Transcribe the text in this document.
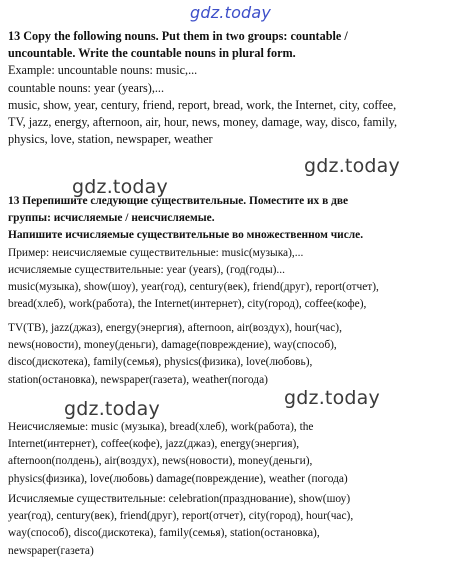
gdz.today
gdz.today
gdz.today
gdz.today	gdz.today
13 Copy the following nouns. Put them in two groups: countable /
uncountable. Write the countable nouns in plural form.
Example: uncountable nouns: music,...
countable nouns: year (years),...
music, show, year, century, friend, report, bread, work, the Internet, city, coffee,
TV, jazz, energy, afternoon, air, hour, news, money, damage, way, disco, family,
physics, love, station, newspaper, weather
13 Перепишите следующие существительные. Поместите их в две
группы: исчисляемые / неисчисляемые.
Напишите исчисляемые существительные во множественном числе.
Пример: неисчисляемые существительные: music(музыка),...
исчисляемые существительные: year (years), (год(годы)...
music(музыка), show(шоу), year(год), century(век), friend(друг), report(отчет),
bread(хлеб), work(работа), the Internet(интернет), city(город), coffee(кофе),
TV(ТВ), jazz(джаз), energy(энергия), afternoon, air(воздух), hour(час),
news(новости), money(деньги), damage(повреждение), way(способ),
disco(дискотека), family(семья), physics(физика), love(любовь),
station(остановка), newspaper(газета), weather(погода)
Неисчисляемые: music (музыка), bread(хлеб), work(работа), the
Internet(интернет), coffee(кофе), jazz(джаз), energy(энергия),
afternoon(полдень), air(воздух), news(новости), money(деньги),
physics(физика), love(любовь) damage(повреждение), weather (погода)
Исчисляемые существительные: celebration(празднование), show(шоу)
year(год), century(век), friend(друг), report(отчет), city(город), hour(час),
way(способ), disco(дискотека), family(семья), station(остановка),
newspaper(газета)
